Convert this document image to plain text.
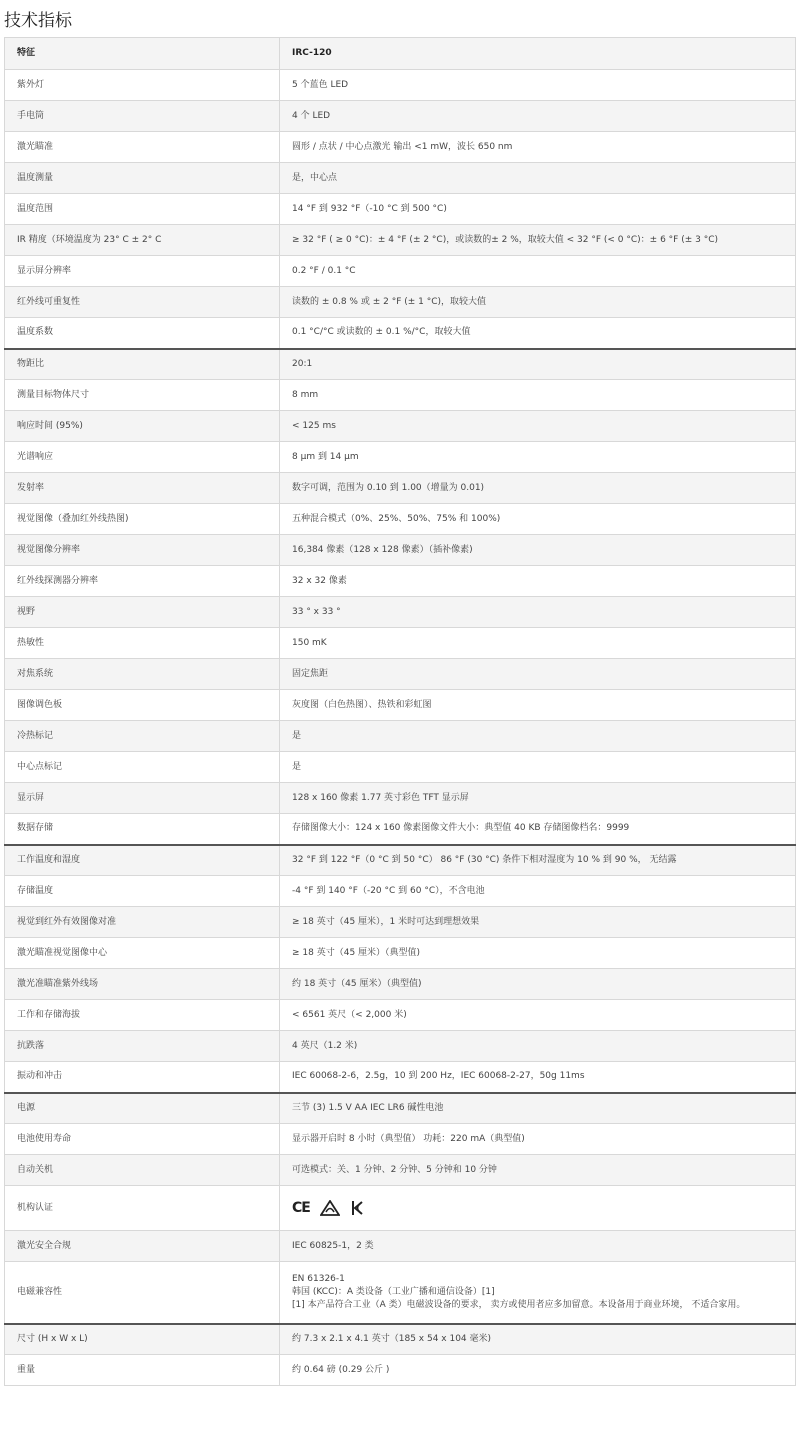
技术指标
特征	IRC-120
紫外灯	5 个蓝色 LED
手电筒	4 个 LED
激光瞄准	圆形 / 点状 / 中心点激光 输出 <1 mW，波长 650 nm
温度测量	是，中心点
温度范围	14 °F 到 932 °F（-10 °C 到 500 °C)
IR 精度（环境温度为 23° C ± 2° C	≥ 32 °F ( ≥ 0 °C)：± 4 °F (± 2 °C)，或读数的± 2 %，取较大值 < 32 °F (< 0 °C)：± 6 °F (± 3 °C)
显示屏分辨率	0.2 °F / 0.1 °C
红外线可重复性	读数的 ± 0.8 % 或 ± 2 °F (± 1 °C)，取较大值
温度系数	0.1 °C/°C 或读数的 ± 0.1 %/°C，取较大值
物距比	20:1
测量目标物体尺寸	8 mm
响应时间 (95%)	< 125 ms
光谱响应	8 µm 到 14 µm
发射率	数字可调，范围为 0.10 到 1.00（增量为 0.01)
视觉图像（叠加红外线热图)	五种混合模式（0%、25%、50%、75% 和 100%)
视觉图像分辨率	16,384 像素（128 x 128 像素）（插补像素)
红外线探测器分辨率	32 x 32 像素
视野	33 ° x 33 °
热敏性	150 mK
对焦系统	固定焦距
图像调色板	灰度图（白色热图）、热铁和彩虹图
冷热标记	是
中心点标记	是
显示屏	128 x 160 像素 1.77 英寸彩色 TFT 显示屏
数据存储	存储图像大小：124 x 160 像素图像文件大小：典型值 40 KB 存储图像档名：9999
工作温度和湿度	32 °F 到 122 °F（0 °C 到 50 °C） 86 °F (30 °C) 条件下相对湿度为 10 % 到 90 %， 无结露
存储温度	-4 °F 到 140 °F（-20 °C 到 60 °C），不含电池
视觉到红外有效图像对准	≥ 18 英寸（45 厘米），1 米时可达到理想效果
激光瞄准视觉图像中心	≥ 18 英寸（45 厘米）（典型值)
激光准瞄准紫外线场	约 18 英寸（45 厘米）（典型值)
工作和存储海拔	< 6561 英尺（< 2,000 米)
抗跌落	4 英尺（1.2 米)
振动和冲击	IEC 60068-2-6，2.5g，10 到 200 Hz，IEC 60068-2-27，50g 11ms
电源	三节 (3) 1.5 V AA IEC LR6 碱性电池
电池使用寿命	显示器开启时 8 小时（典型值） 功耗：220 mA（典型值)
自动关机	可选模式：关、1 分钟、2 分钟、5 分钟和 10 分钟
机构认证	CE

激光安全合规	IEC 60825-1，2 类
电磁兼容性	EN 61326-1
韩国 (KCC)：A 类设备（工业广播和通信设备）[1]
[1] 本产品符合工业（A 类）电磁波设备的要求， 卖方或使用者应多加留意。本设备用于商业环境， 不适合家用。

尺寸 (H x W x L)	约 7.3 x 2.1 x 4.1 英寸（185 x 54 x 104 毫米)
重量	约 0.64 磅 (0.29 公斤 )
